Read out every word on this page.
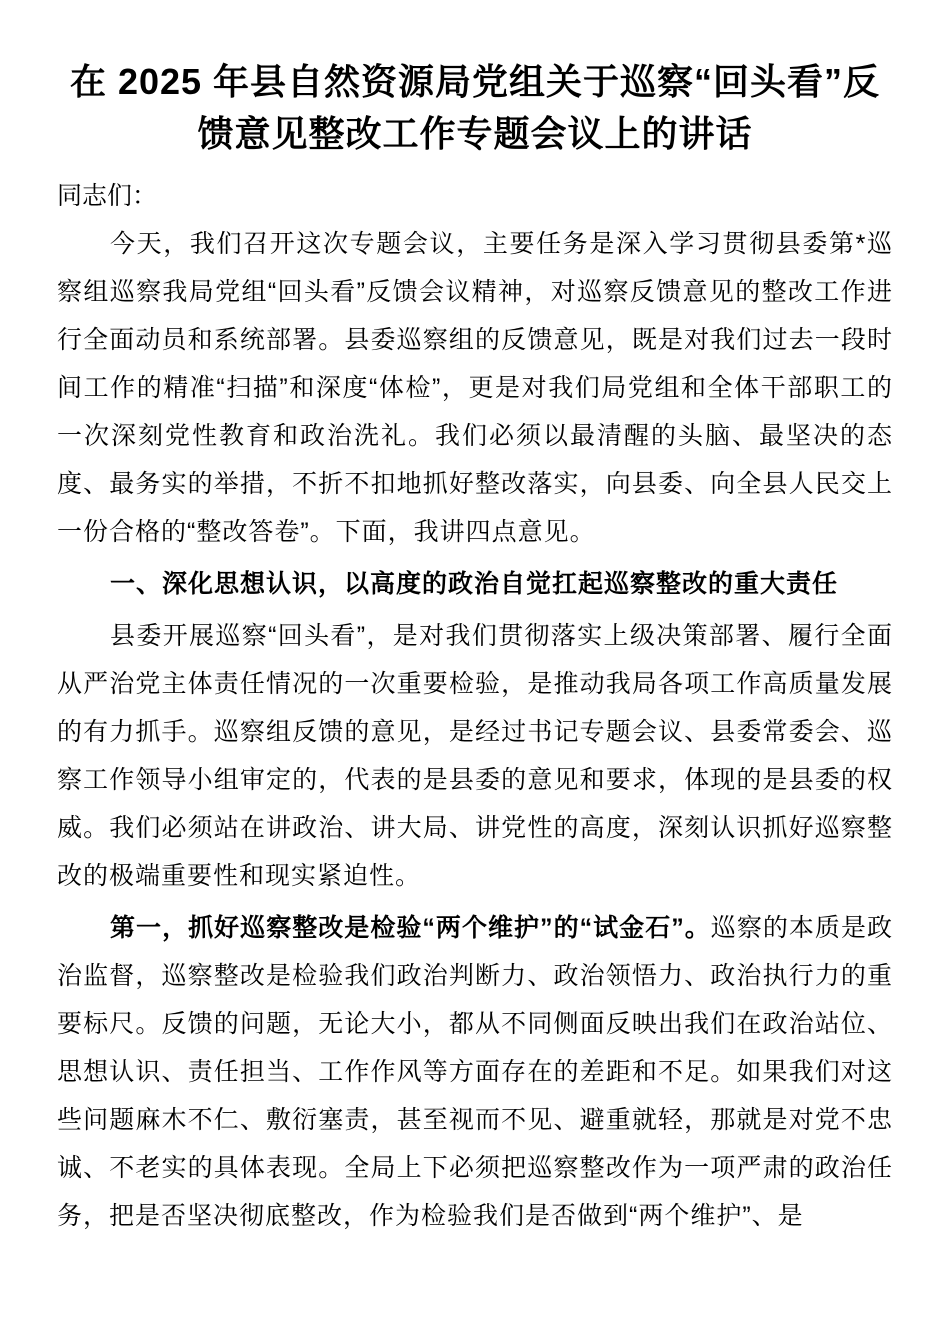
在 2025 年县自然资源局党组关于巡察“回头看”反馈意见整改工作专题会议上的讲话

同志们：

今天，我们召开这次专题会议，主要任务是深入学习贯彻县委第*巡察组巡察我局党组“回头看”反馈会议精神，对巡察反馈意见的整改工作进行全面动员和系统部署。县委巡察组的反馈意见，既是对我们过去一段时间工作的精准“扫描”和深度“体检”，更是对我们局党组和全体干部职工的一次深刻党性教育和政治洗礼。我们必须以最清醒的头脑、最坚决的态度、最务实的举措，不折不扣地抓好整改落实，向县委、向全县人民交上一份合格的“整改答卷”。下面，我讲四点意见。

一、深化思想认识，以高度的政治自觉扛起巡察整改的重大责任

县委开展巡察“回头看”，是对我们贯彻落实上级决策部署、履行全面从严治党主体责任情况的一次重要检验，是推动我局各项工作高质量发展的有力抓手。巡察组反馈的意见，是经过书记专题会议、县委常委会、巡察工作领导小组审定的，代表的是县委的意见和要求，体现的是县委的权威。我们必须站在讲政治、讲大局、讲党性的高度，深刻认识抓好巡察整改的极端重要性和现实紧迫性。

第一，抓好巡察整改是检验“两个维护”的“试金石”。巡察的本质是政治监督，巡察整改是检验我们政治判断力、政治领悟力、政治执行力的重要标尺。反馈的问题，无论大小，都从不同侧面反映出我们在政治站位、思想认识、责任担当、工作作风等方面存在的差距和不足。如果我们对这些问题麻木不仁、敷衍塞责，甚至视而不见、避重就轻，那就是对党不忠诚、不老实的具体表现。全局上下必须把巡察整改作为一项严肃的政治任务，把是否坚决彻底整改，作为检验我们是否做到“两个维护”、是
